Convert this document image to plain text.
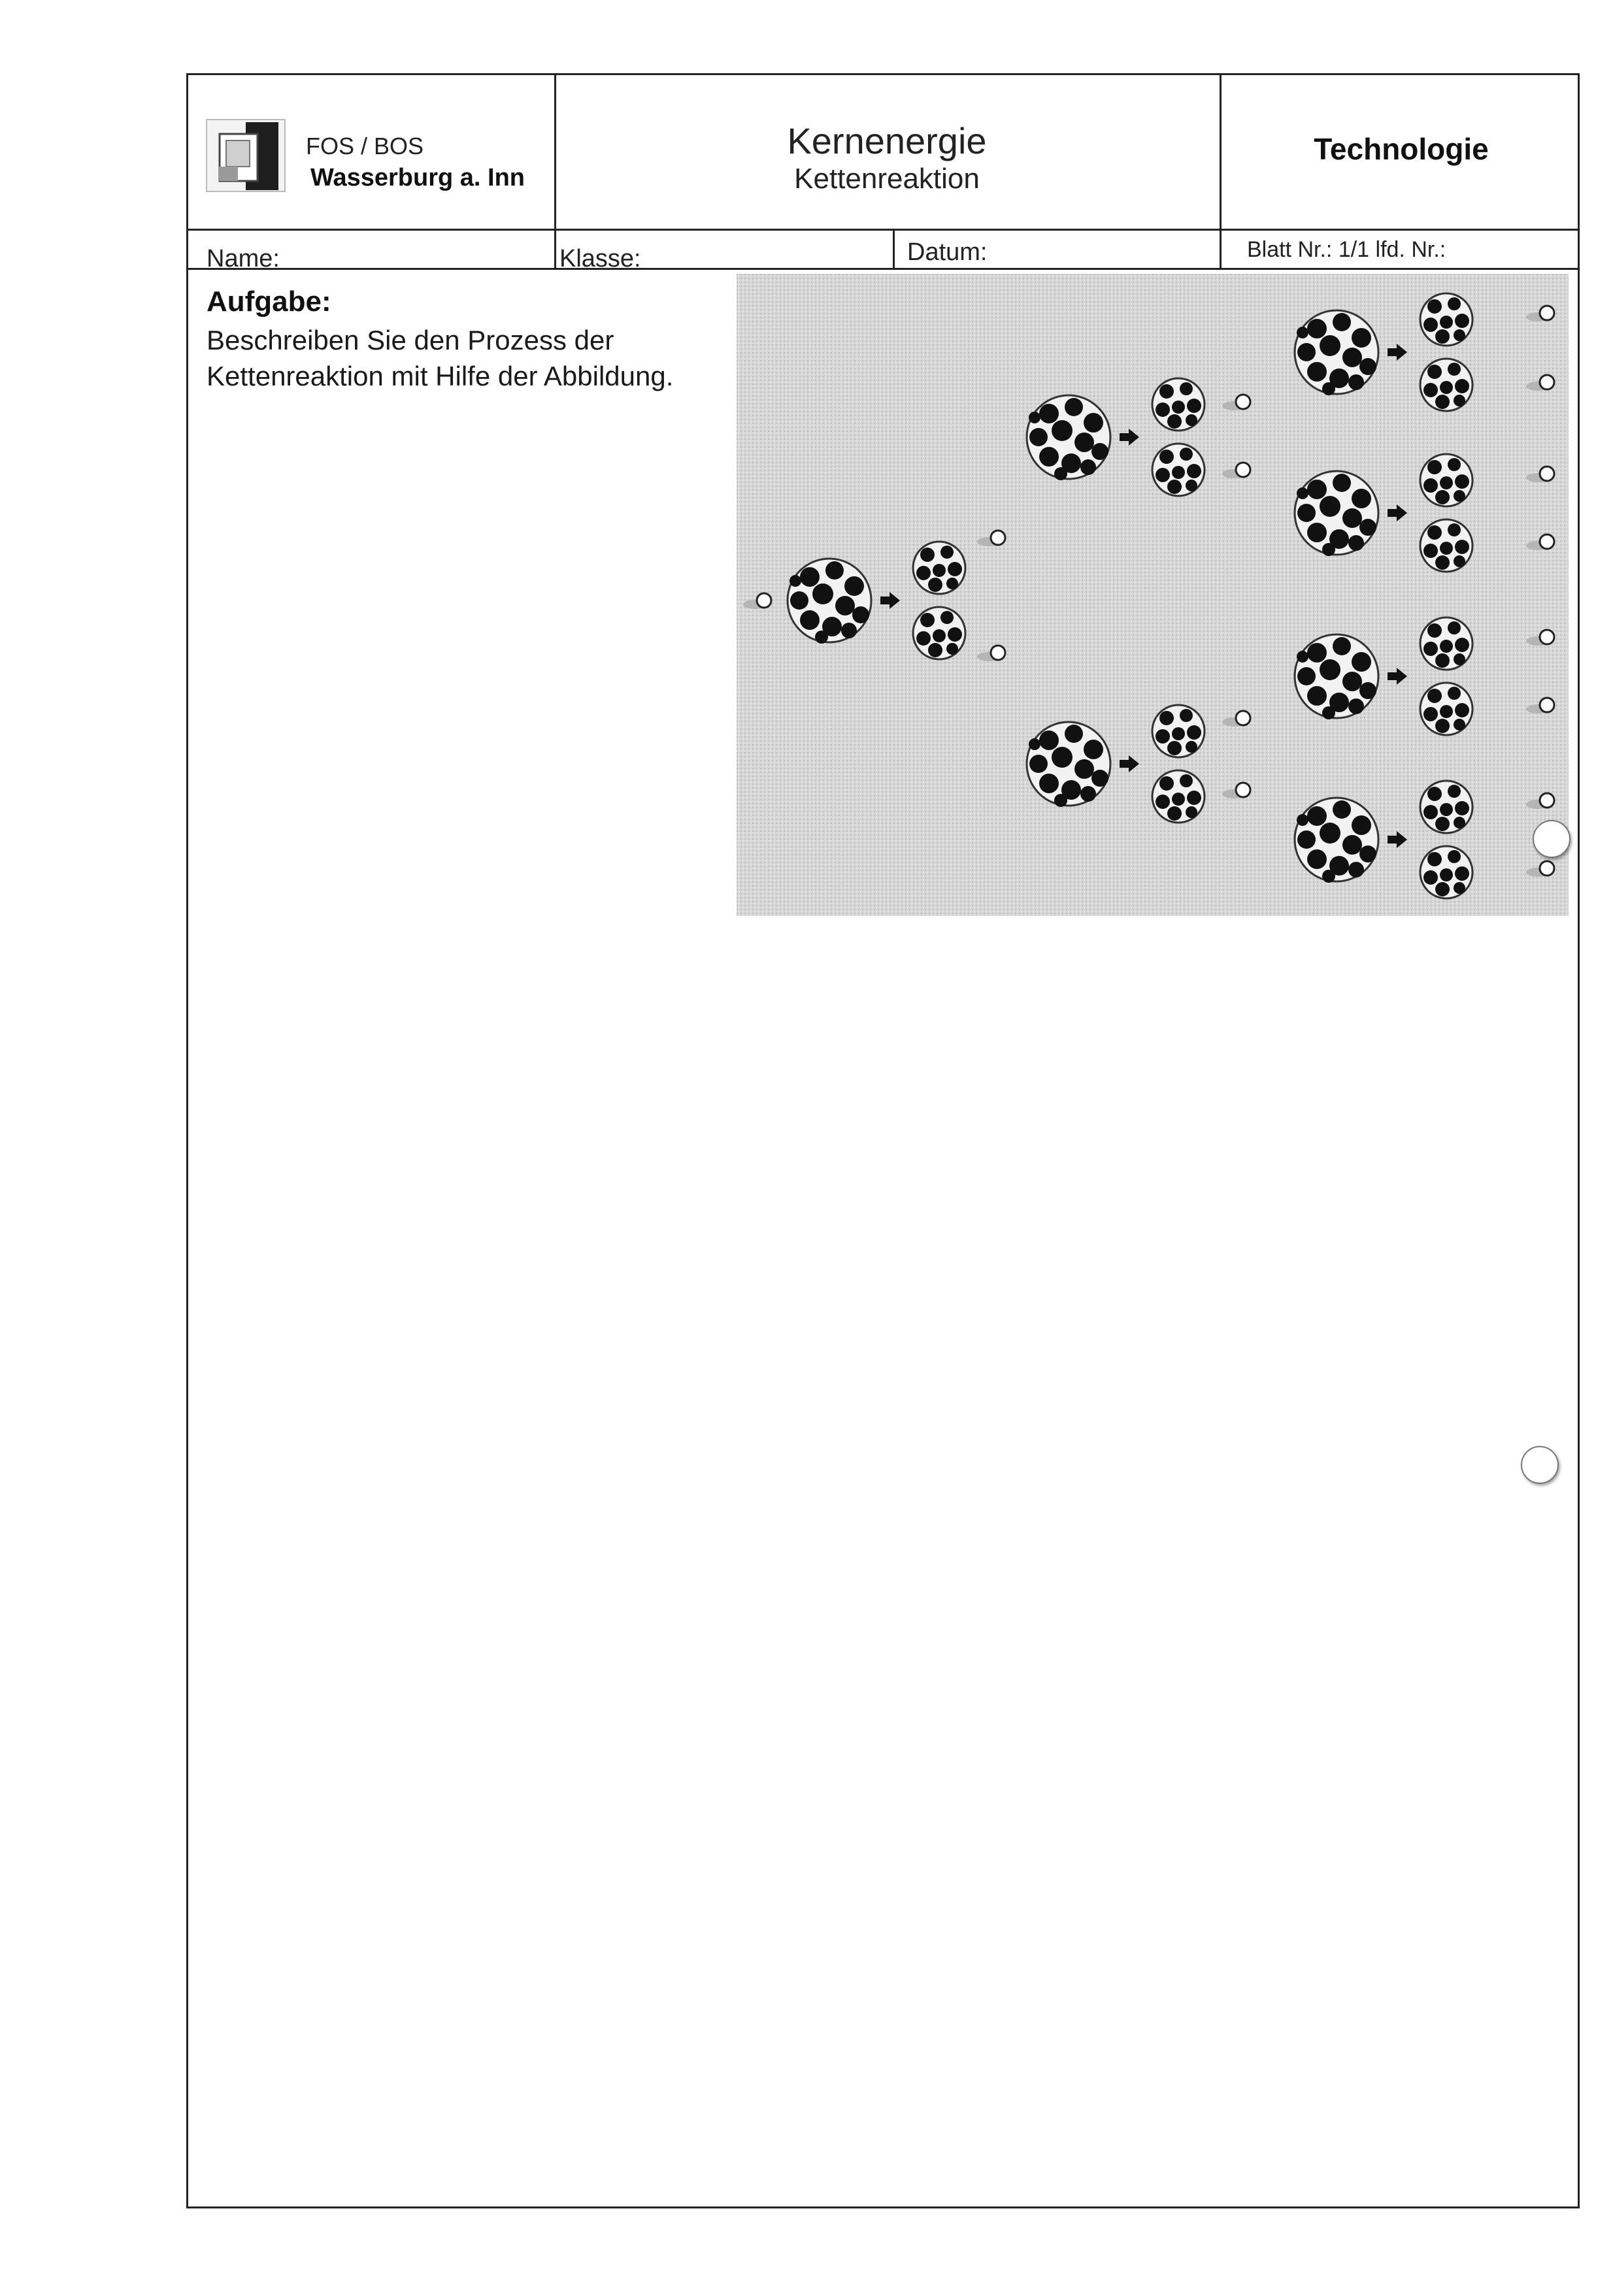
FOS / BOS
Wasserburg a. Inn
Kernenergie
Kettenreaktion
Technologie
Name:	Klasse:	Datum:	Blatt Nr.: 1/1 lfd. Nr.:
Aufgabe:
Beschreiben Sie den Prozess der Kettenreaktion mit Hilfe der Abbildung.
